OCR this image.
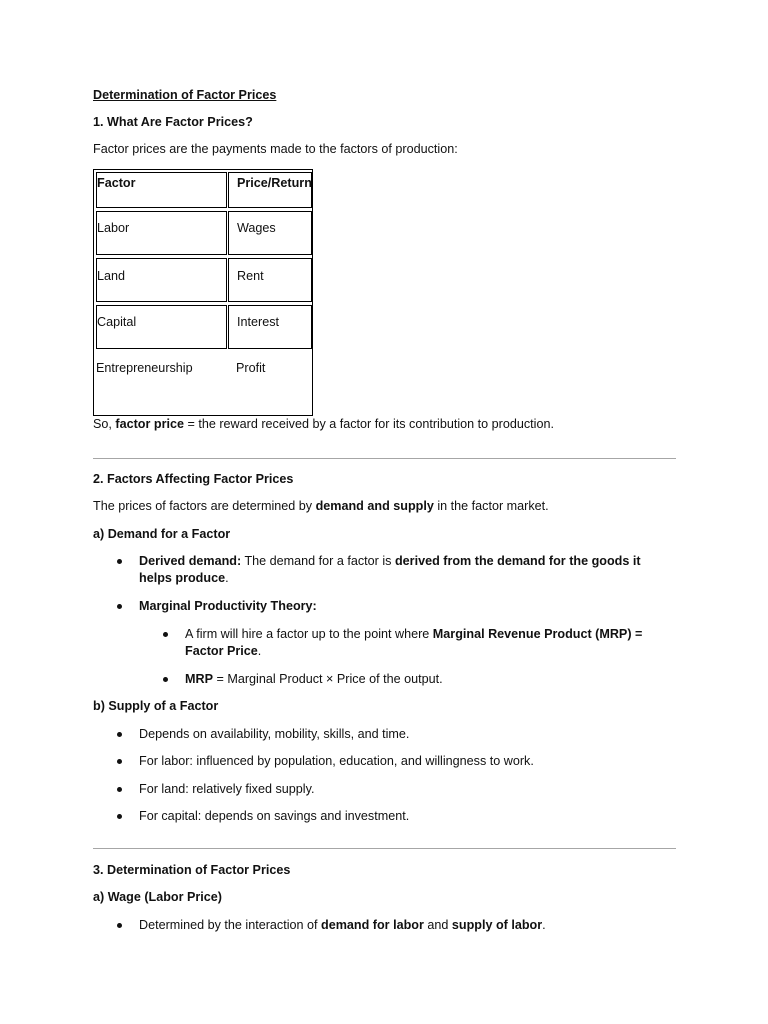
Determination of Factor Prices

1. What Are Factor Prices?

Factor prices are the payments made to the factors of production:

Factor	Price/Return
Labor	Wages
Land	Rent
Capital	Interest
Entrepreneurship	Profit

So, factor price = the reward received by a factor for its contribution to production.

2. Factors Affecting Factor Prices

The prices of factors are determined by demand and supply in the factor market.

a) Demand for a Factor

Derived demand: The demand for a factor is derived from the demand for the goods it helps produce.

Marginal Productivity Theory:

A firm will hire a factor up to the point where Marginal Revenue Product (MRP) = Factor Price.

MRP = Marginal Product × Price of the output.

b) Supply of a Factor

Depends on availability, mobility, skills, and time.

For labor: influenced by population, education, and willingness to work.

For land: relatively fixed supply.

For capital: depends on savings and investment.

3. Determination of Factor Prices

a) Wage (Labor Price)

Determined by the interaction of demand for labor and supply of labor.
